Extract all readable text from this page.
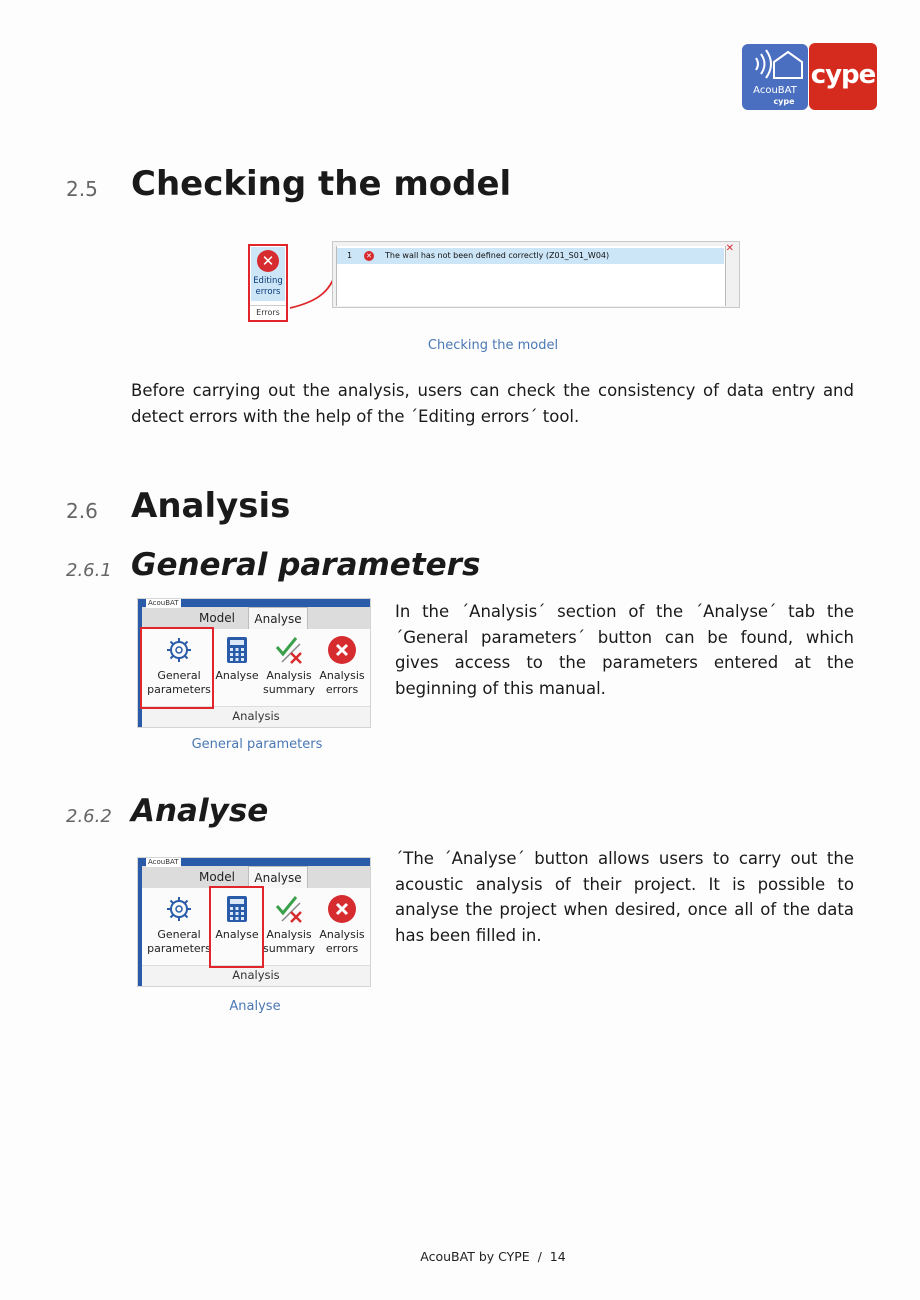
AcouBAT
cype
cype
2.5 Checking the model
✕
Editing
errors
Errors
1 ✕ The wall has not been defined correctly (Z01_S01_W04)
✕
Checking the model

Before carrying out the analysis, users can check the consistency of data entry and detect errors with the help of the ´Editing errors´ tool.

2.6 Analysis
2.6.1 General parameters
AcouBAT
Model	Analyse
General
parameters
Analyse Analysis
summary
Analysis
errors
Analysis
General parameters

In the ´Analysis´ section of the ´Analyse´ tab the ´General parameters´ button can be found, which gives access to the parameters entered at the beginning of this manual.

2.6.2 Analyse
AcouBAT
Model	Analyse
General
parameters
Analyse Analysis
summary
Analysis
errors
Analysis
Analyse

´The ´Analyse´ button allows users to carry out the acoustic analysis of their project. It is possible to analyse the project when desired, once all of the data has been filled in.

AcouBAT by CYPE  /  14
